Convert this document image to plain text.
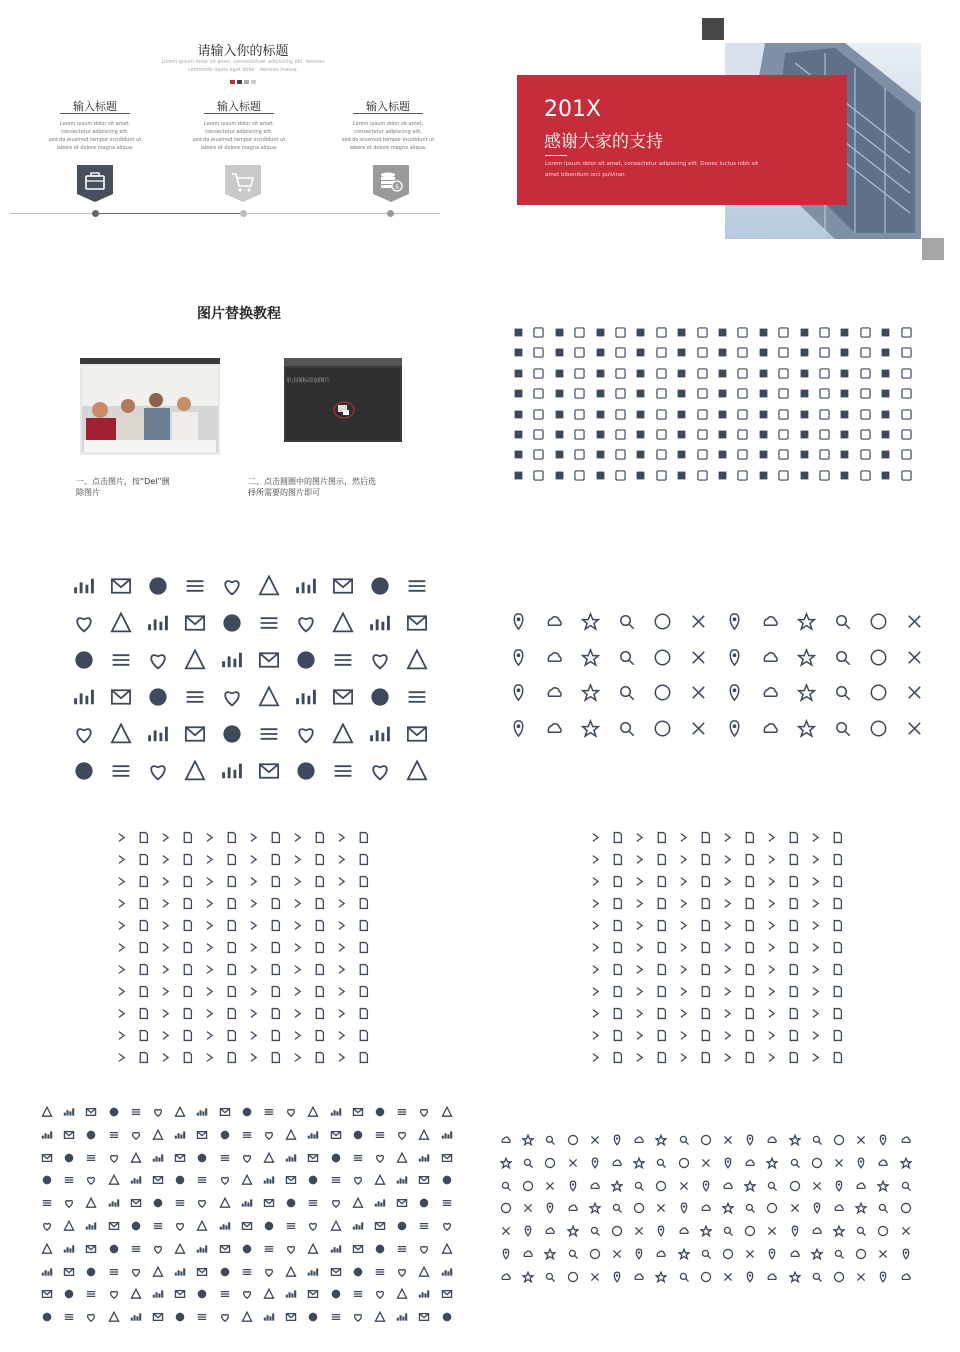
请输入你的标题
Lorem ipsum dolor sit amet, consectetuer adipiscing elit. Aenean
commodo ligula eget dolor . Aenean massa.
输入标题
Lorem ipsum dolor sit amet,
consectetur adipiscing elit,
sed do eiusmod tempor incididunt ut
labore et dolore magna aliqua.
输入标题
Lorem ipsum dolor sit amet,
consectetur adipiscing elit,
sed do eiusmod tempor incididunt ut
labore et dolore magna aliqua.
输入标题
Lorem ipsum dolor sit amet,
consectetur adipiscing elit,
sed do eiusmod tempor incididunt ut
labore et dolore magna aliqua.
$
201X
感谢大家的支持
Lorem ipsum dolor sit amet, consectetur adipiscing elit. Donec luctus nibh sit
amet bibendum orci pulvinar.
图片替换教程
单击图标添加图片
一、点击图片，按“Del”删
除图片
二、点击圆圈中的图片图示，然后选
择所需要的图片即可
